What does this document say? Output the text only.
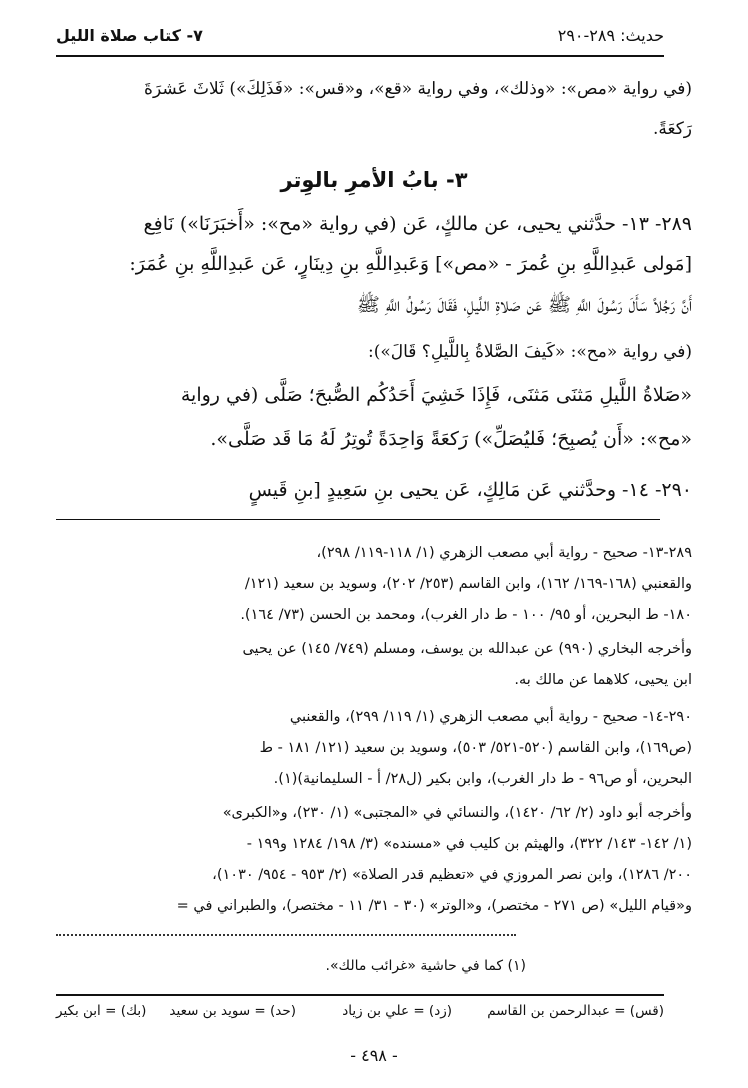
حديث: ٢٨٩-٢٩٠
٧- كتاب صلاة الليل
(في رواية «مص»: «وذلك»، وفي رواية «قع»، و«قس»: «فَذَلِكَ») ثَلاثَ عَشرَةَ
رَكعَةً.
٣- بابُ الأمرِ بالوِتر
٢٨٩- ١٣- حدَّثني يحيى، عن مالكٍ، عَن (في رواية «مح»: «أَخبَرَنَا») نَافِع
[مَولى عَبدِاللَّهِ بنِ عُمرَ - «مص»] وَعَبدِاللَّهِ بنِ دِينَارٍ، عَن عَبدِاللَّهِ بنِ عُمَرَ:
أَنَّ رَجُلاً سَأَلَ رَسُولَ اللَّهِ ﷺ عَن صَلاةِ اللَّيلِ، فَقَالَ رَسُولُ اللَّهِ ﷺ
(في رواية «مح»: «كَيفَ الصَّلاةُ بِاللَّيلِ؟ قَالَ»):
«صَلاةُ اللَّيلِ مَثنَى مَثنَى، فَإِذَا خَشِيَ أَحَدُكُم الصُّبحَ؛ صَلَّى (في رواية
«مح»: «أَن يُصبِحَ؛ فَليُصَلِّ») رَكعَةً وَاحِدَةً تُوتِرُ لَهُ مَا قَد صَلَّى».
٢٩٠- ١٤- وحدَّثني عَن مَالِكٍ، عَن يحيى بنِ سَعِيدٍ [بنِ قَيسٍ
٢٨٩-١٣- صحيح - رواية أبي مصعب الزهري (١/ ١١٨-١١٩/ ٢٩٨)،
والقعنبي (١٦٨-١٦٩/ ١٦٢)، وابن القاسم (٢٥٣/ ٢٠٢)، وسويد بن سعيد (١٢١/
١٨٠- ط البحرين، أو ٩٥/ ١٠٠ - ط دار الغرب)، ومحمد بن الحسن (٧٣/ ١٦٤).
وأخرجه البخاري (٩٩٠) عن عبدالله بن يوسف، ومسلم (٧٤٩/ ١٤٥) عن يحيى
ابن يحيى، كلاهما عن مالك به.
٢٩٠-١٤- صحيح - رواية أبي مصعب الزهري (١/ ١١٩/ ٢٩٩)، والقعنبي
(ص١٦٩)، وابن القاسم (٥٢٠-٥٢١/ ٥٠٣)، وسويد بن سعيد (١٢١/ ١٨١ - ط
البحرين، أو ص٩٦ - ط دار الغرب)، وابن بكير (ل٢٨/ أ - السليمانية)(١).
وأخرجه أبو داود (٢/ ٦٢/ ١٤٢٠)، والنسائي في «المجتبى» (١/ ٢٣٠)، و«الكبرى»
(١/ ١٤٢- ١٤٣/ ٣٢٢)، والهيثم بن كليب في «مسنده» (٣/ ١٩٨/ ١٢٨٤ و١٩٩ -
٢٠٠/ ١٢٨٦)، وابن نصر المروزي في «تعظيم قدر الصلاة» (٢/ ٩٥٣ - ٩٥٤/ ١٠٣٠)،
و«قيام الليل» (ص ٢٧١ - مختصر)، و«الوتر» (٣٠ - ٣١/ ١١ - مختصر)، والطبراني في =
(١) كما في حاشية «غرائب مالك».
(قس) = عبدالرحمن بن القاسم
(زد) = علي بن زياد
(حد) = سويد بن سعيد
(بك) = ابن بكير
- ٤٩٨ -
